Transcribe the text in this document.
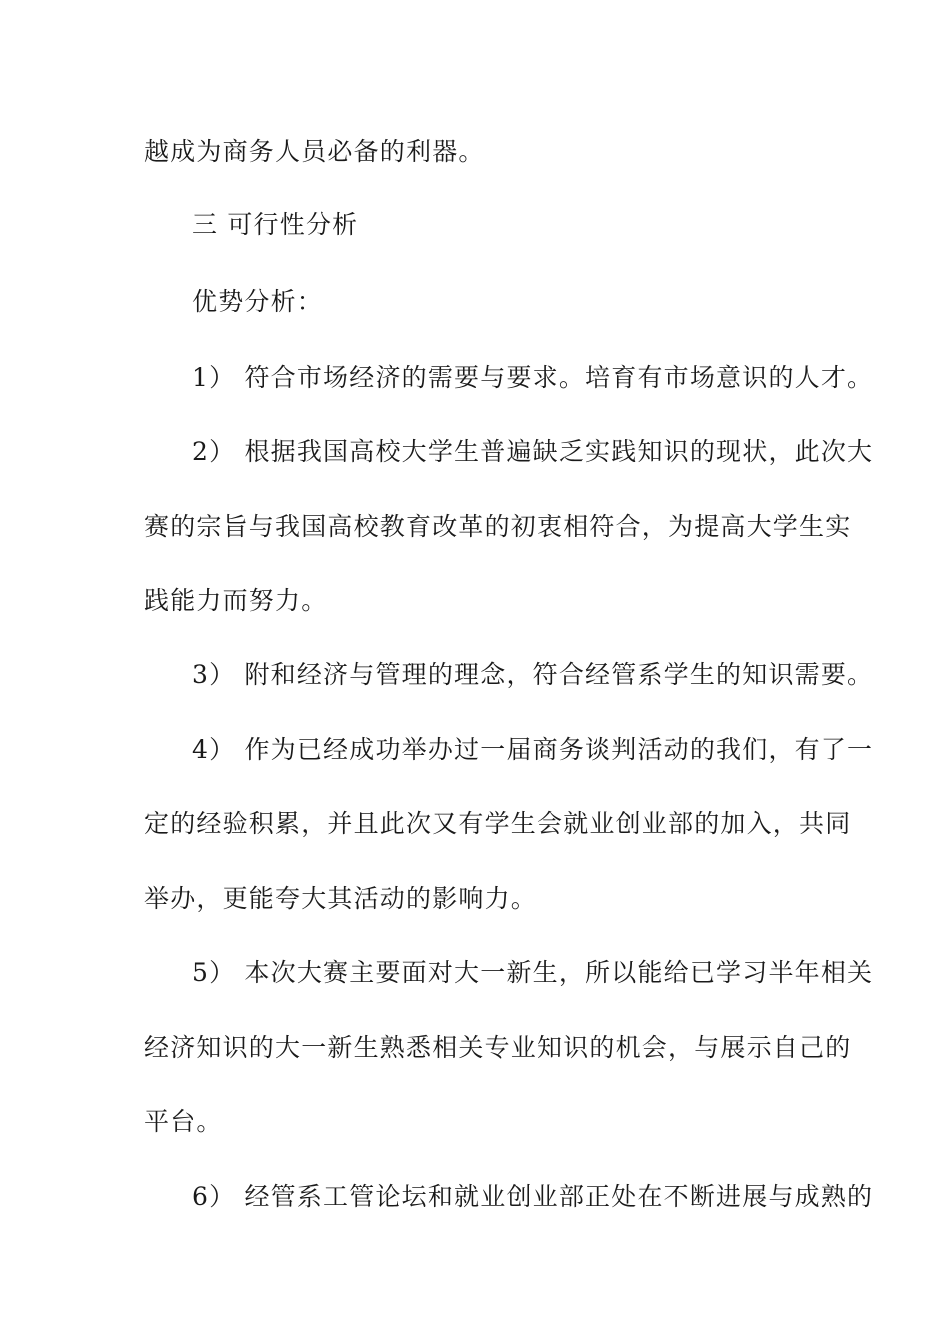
越成为商务人员必备的利器。
三 可行性分析
优势分析：
1） 符合市场经济的需要与要求。培育有市场意识的人才。
2） 根据我国高校大学生普遍缺乏实践知识的现状，此次大
赛的宗旨与我国高校教育改革的初衷相符合，为提高大学生实
践能力而努力。
3） 附和经济与管理的理念，符合经管系学生的知识需要。
4） 作为已经成功举办过一届商务谈判活动的我们，有了一
定的经验积累，并且此次又有学生会就业创业部的加入，共同
举办，更能夸大其活动的影响力。
5） 本次大赛主要面对大一新生，所以能给已学习半年相关
经济知识的大一新生熟悉相关专业知识的机会，与展示自己的
平台。
6） 经管系工管论坛和就业创业部正处在不断进展与成熟的
